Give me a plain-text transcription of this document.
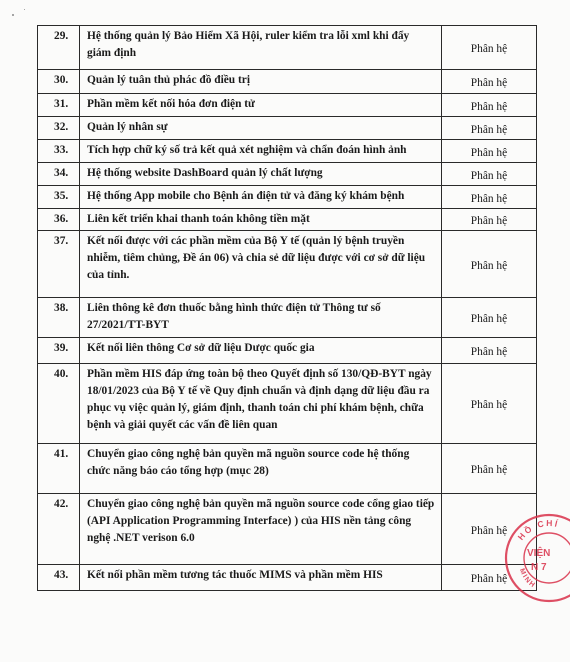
29.	Hệ thống quản lý Bảo Hiểm Xã Hội, ruler kiểm tra lỗi xml khi đẩy giám định	Phân hệ
30.	Quản lý tuân thủ phác đồ điều trị	Phân hệ
31.	Phần mềm kết nối hóa đơn điện tử	Phân hệ
32.	Quản lý nhân sự	Phân hệ
33.	Tích hợp chữ ký số trả kết quả xét nghiệm và chẩn đoán hình ảnh	Phân hệ
34.	Hệ thống website DashBoard quản lý chất lượng	Phân hệ
35.	Hệ thống App mobile cho Bệnh án điện tử và đăng ký khám bệnh	Phân hệ
36.	Liên kết triển khai thanh toán không tiền mặt	Phân hệ
37.	Kết nối được với các phần mềm của Bộ Y tế (quản lý bệnh truyền nhiễm, tiêm chủng, Đề án 06) và chia sẻ dữ liệu được với cơ sở dữ liệu của tỉnh.	Phân hệ
38.	Liên thông kê đơn thuốc bằng hình thức điện tử Thông tư số 27/2021/TT-BYT	Phân hệ
39.	Kết nối liên thông Cơ sở dữ liệu Dược quốc gia	Phân hệ
40.	Phần mềm HIS đáp ứng toàn bộ theo Quyết định số 130/QĐ-BYT ngày 18/01/2023 của Bộ Y tế về Quy định chuẩn và định dạng dữ liệu đầu ra phục vụ việc quản lý, giám định, thanh toán chi phí khám bệnh, chữa bệnh và giải quyết các vấn đề liên quan	Phân hệ
41.	Chuyển giao công nghệ bản quyền mã nguồn source code hệ thống chức năng báo cáo tổng hợp (mục 28)	Phân hệ
42.	Chuyển giao công nghệ bản quyền mã nguồn source code cổng giao tiếp (API Application Programming Interface) ) của HIS nền tảng công nghệ .NET verison 6.0	Phân hệ
43.	Kết nối phần mềm tương tác thuốc MIMS và phần mềm HIS	Phân hệ
HỒ CHÍ
VIỆN
N 7
MINH
